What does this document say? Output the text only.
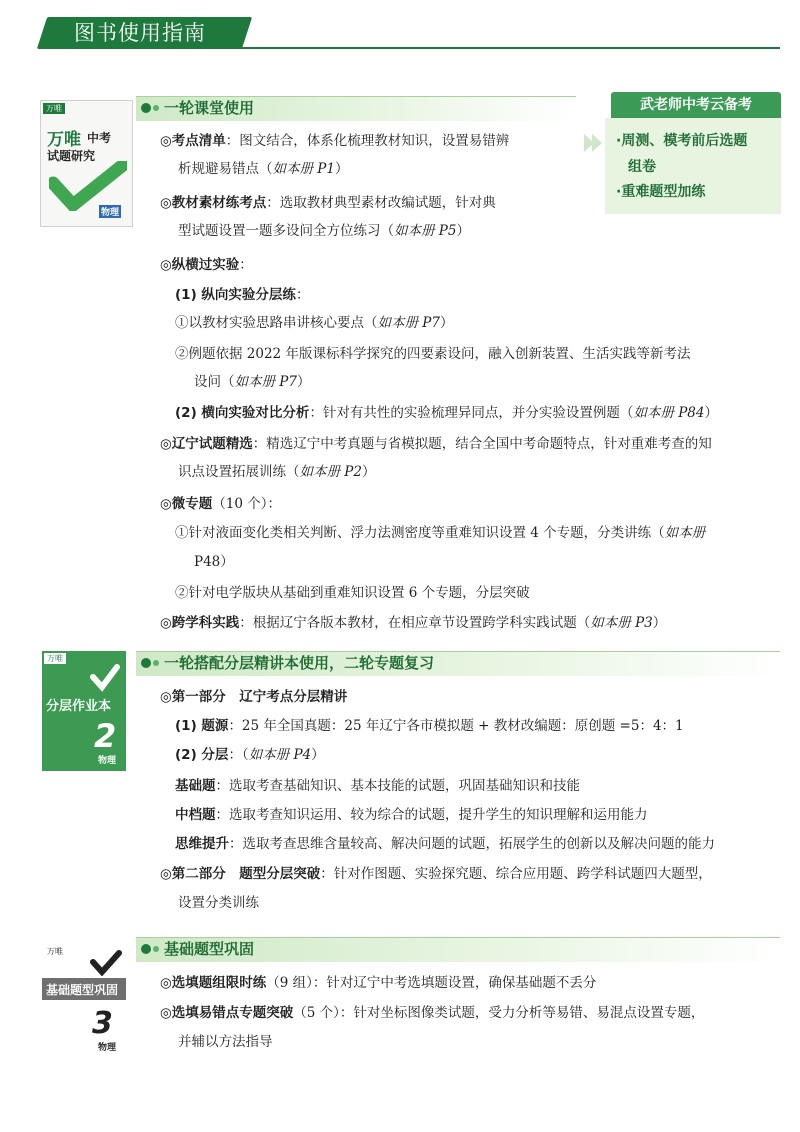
图书使用指南
万唯
万唯 中考
试题研究
物理
一轮课堂使用	武老师中考云备考
·周测、模考前后选题
组卷
·重难题型加练
◎考点清单：图文结合，体系化梳理教材知识，设置易错辨
析规避易错点（如本册 P1）
◎教材素材练考点：选取教材典型素材改编试题，针对典
型试题设置一题多设问全方位练习（如本册 P5）
◎纵横过实验：
(1) 纵向实验分层练：
①以教材实验思路串讲核心要点（如本册 P7）
②例题依据 2022 年版课标科学探究的四要素设问，融入创新装置、生活实践等新考法
设问（如本册 P7）
(2) 横向实验对比分析：针对有共性的实验梳理异同点，并分实验设置例题（如本册 P84）
◎辽宁试题精选：精选辽宁中考真题与省模拟题，结合全国中考命题特点，针对重难考查的知
识点设置拓展训练（如本册 P2）
◎微专题（10 个）：
①针对液面变化类相关判断、浮力法测密度等重难知识设置 4 个专题，分类讲练（如本册
P48）
②针对电学版块从基础到重难知识设置 6 个专题，分层突破
◎跨学科实践：根据辽宁各版本教材，在相应章节设置跨学科实践试题（如本册 P3）
万唯
分层作业本
2
物理
一轮搭配分层精讲本使用，二轮专题复习
◎第一部分　辽宁考点分层精讲
(1) 题源：25 年全国真题：25 年辽宁各市模拟题 + 教材改编题：原创题 =5：4：1
(2) 分层：（如本册 P4）
基础题：选取考查基础知识、基本技能的试题，巩固基础知识和技能
中档题：选取考查知识运用、较为综合的试题，提升学生的知识理解和运用能力
思维提升：选取考查思维含量较高、解决问题的试题，拓展学生的创新以及解决问题的能力
◎第二部分　题型分层突破：针对作图题、实验探究题、综合应用题、跨学科试题四大题型，
设置分类训练
万唯
基础题型巩固
3
物理
基础题型巩固
◎选填题组限时练（9 组）：针对辽宁中考选填题设置，确保基础题不丢分
◎选填易错点专题突破（5 个）：针对坐标图像类试题，受力分析等易错、易混点设置专题，
并辅以方法指导
